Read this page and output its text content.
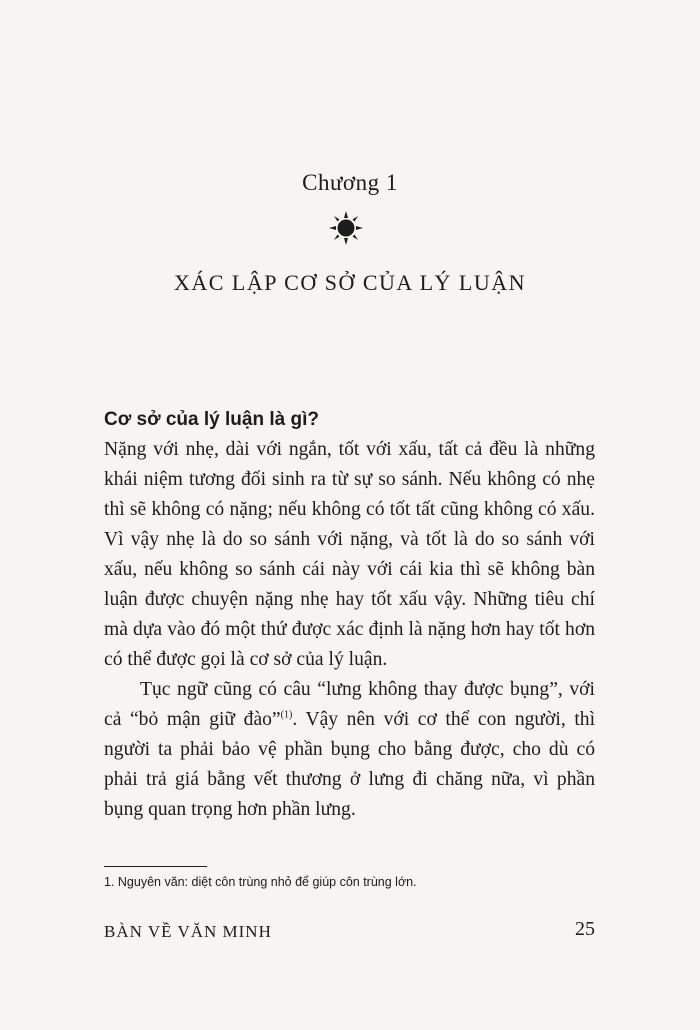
Chương 1
XÁC LẬP CƠ SỞ CỦA LÝ LUẬN

Cơ sở của lý luận là gì?

Nặng với nhẹ, dài với ngắn, tốt với xấu, tất cả đều là những khái niệm tương đối sinh ra từ sự so sánh. Nếu không có nhẹ thì sẽ không có nặng; nếu không có tốt tất cũng không có xấu. Vì vậy nhẹ là do so sánh với nặng, và tốt là do so sánh với xấu, nếu không so sánh cái này với cái kia thì sẽ không bàn luận được chuyện nặng nhẹ hay tốt xấu vậy. Những tiêu chí mà dựa vào đó một thứ được xác định là nặng hơn hay tốt hơn có thể được gọi là cơ sở của lý luận.

Tục ngữ cũng có câu “lưng không thay được bụng”, với cả “bỏ mận giữ đào”$^{(1)}$. Vậy nên với cơ thể con người, thì người ta phải bảo vệ phần bụng cho bằng được, cho dù có phải trả giá bằng vết thương ở lưng đi chăng nữa, vì phần bụng quan trọng hơn phần lưng.

1. Nguyên văn: diệt côn trùng nhỏ để giúp côn trùng lớn.
BÀN VỀ VĂN MINH	25
